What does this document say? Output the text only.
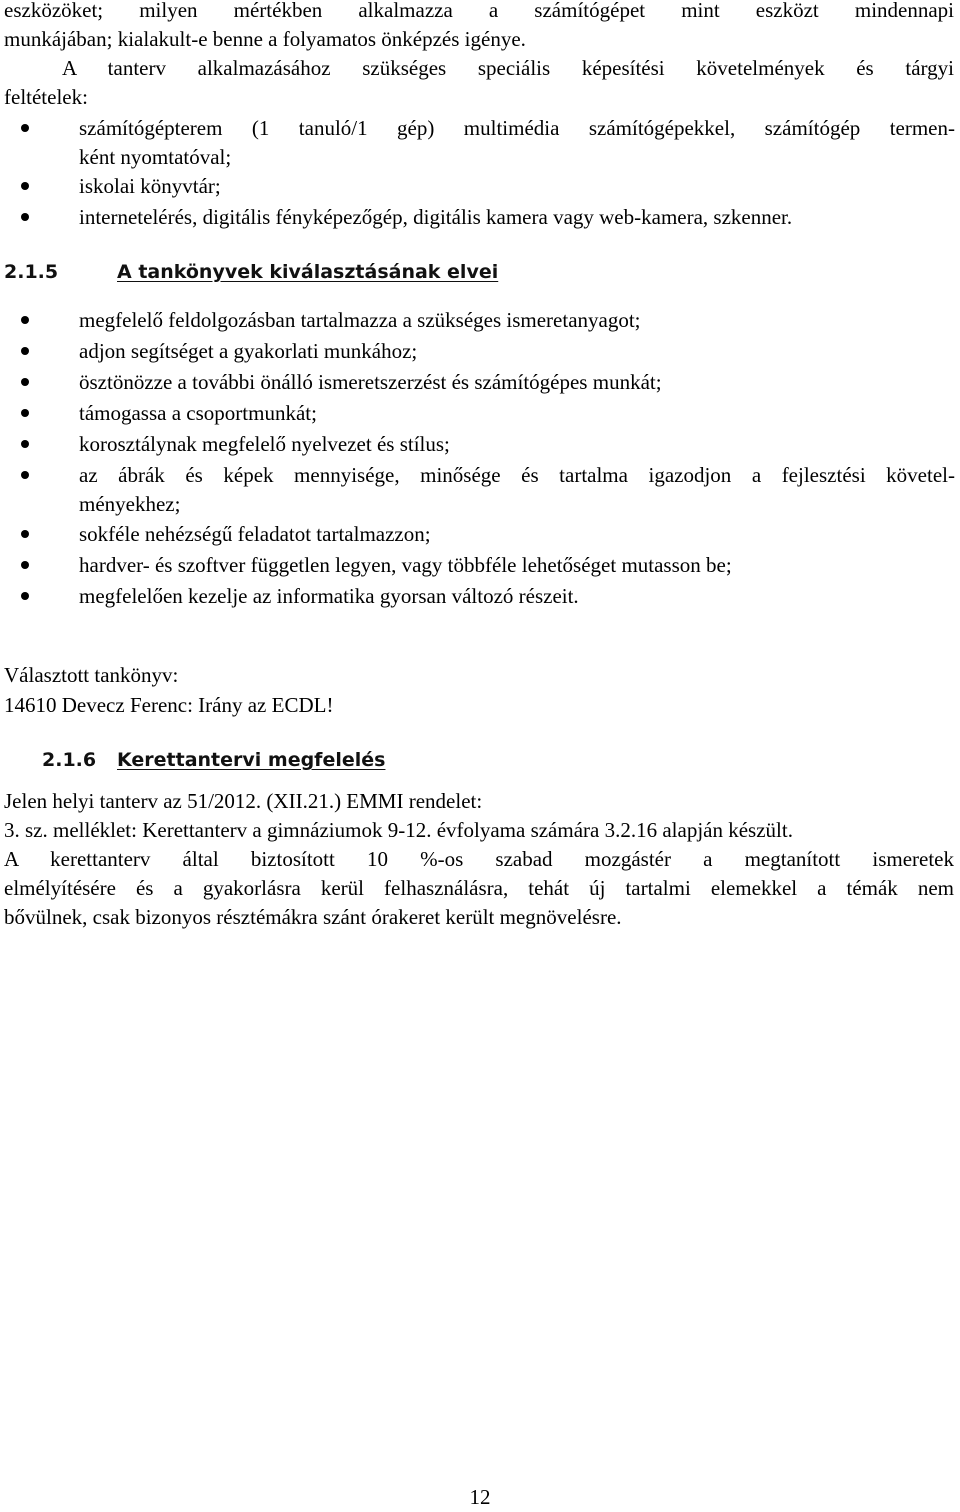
eszközöket; milyen mértékben alkalmazza a számítógépet mint eszközt mindennapi
munkájában; kialakult-e benne a folyamatos önképzés igénye.
A tanterv alkalmazásához szükséges speciális képesítési követelmények és tárgyi
feltételek:
számítógépterem (1 tanuló/1 gép) multimédia számítógépekkel, számítógép termen-
ként nyomtatóval;
iskolai könyvtár;
internetelérés, digitális fényképezőgép, digitális kamera vagy web-kamera, szkenner.
2.1.5	A tankönyvek kiválasztásának elvei
megfelelő feldolgozásban tartalmazza a szükséges ismeretanyagot;
adjon segítséget a gyakorlati munkához;
ösztönözze a további önálló ismeretszerzést és számítógépes munkát;
támogassa a csoportmunkát;
korosztálynak megfelelő nyelvezet és stílus;
az ábrák és képek mennyisége, minősége és tartalma igazodjon a fejlesztési követel-
ményekhez;
sokféle nehézségű feladatot tartalmazzon;
hardver- és szoftver független legyen, vagy többféle lehetőséget mutasson be;
megfelelően kezelje az informatika gyorsan változó részeit.
Választott tankönyv:
14610 Devecz Ferenc: Irány az ECDL!
2.1.6 Kerettantervi megfelelés
Jelen helyi tanterv az 51/2012. (XII.21.) EMMI rendelet:
3. sz. melléklet: Kerettanterv a gimnáziumok 9-12. évfolyama számára 3.2.16 alapján készült.
A kerettanterv által biztosított 10 %-os szabad mozgástér a megtanított ismeretek
elmélyítésére és a gyakorlásra kerül felhasználásra, tehát új tartalmi elemekkel a témák nem
bővülnek, csak bizonyos résztémákra szánt órakeret került megnövelésre.
12
